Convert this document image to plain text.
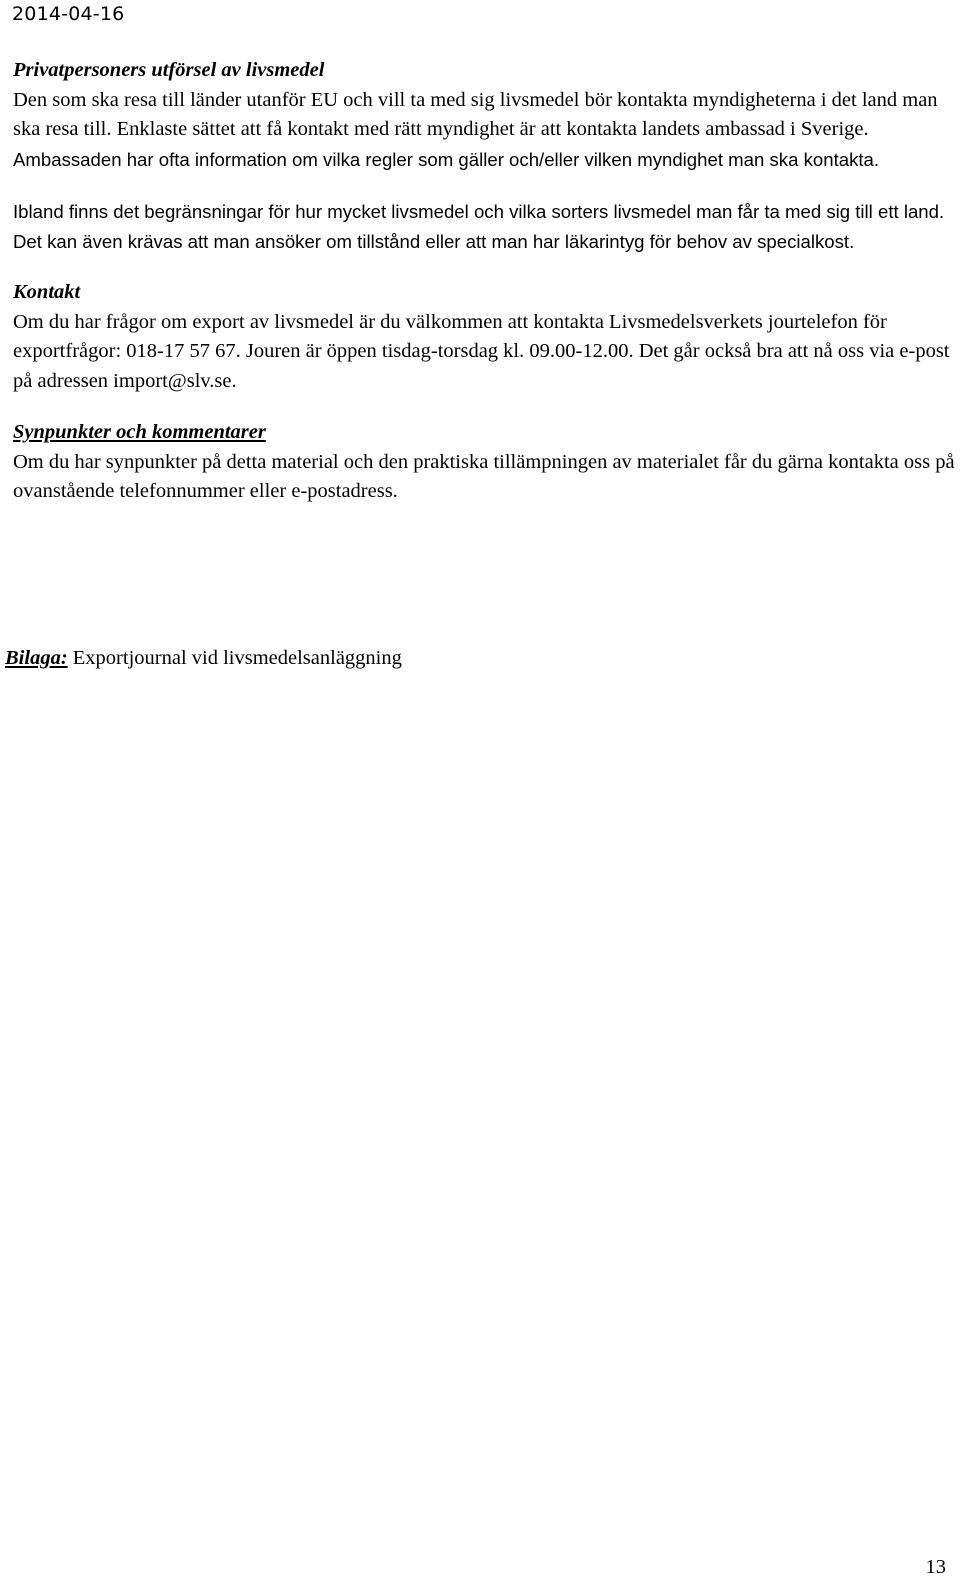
2014-04-16
Privatpersoners utförsel av livsmedel

Den som ska resa till länder utanför EU och vill ta med sig livsmedel bör kontakta myndigheterna i det land man ska resa till. Enklaste sättet att få kontakt med rätt myndighet är att kontakta landets ambassad i Sverige. Ambassaden har ofta information om vilka regler som gäller och/eller vilken myndighet man ska kontakta.

Ibland finns det begränsningar för hur mycket livsmedel och vilka sorters livsmedel man får ta med sig till ett land. Det kan även krävas att man ansöker om tillstånd eller att man har läkarintyg för behov av specialkost.

Kontakt

Om du har frågor om export av livsmedel är du välkommen att kontakta Livsmedelsverkets jourtelefon för exportfrågor: 018-17 57 67. Jouren är öppen tisdag-torsdag kl. 09.00-12.00. Det går också bra att nå oss via e-post på adressen import@slv.se.

Synpunkter och kommentarer

Om du har synpunkter på detta material och den praktiska tillämpningen av materialet får du gärna kontakta oss på ovanstående telefonnummer eller e-postadress.

Bilaga: Exportjournal vid livsmedelsanläggning
13
